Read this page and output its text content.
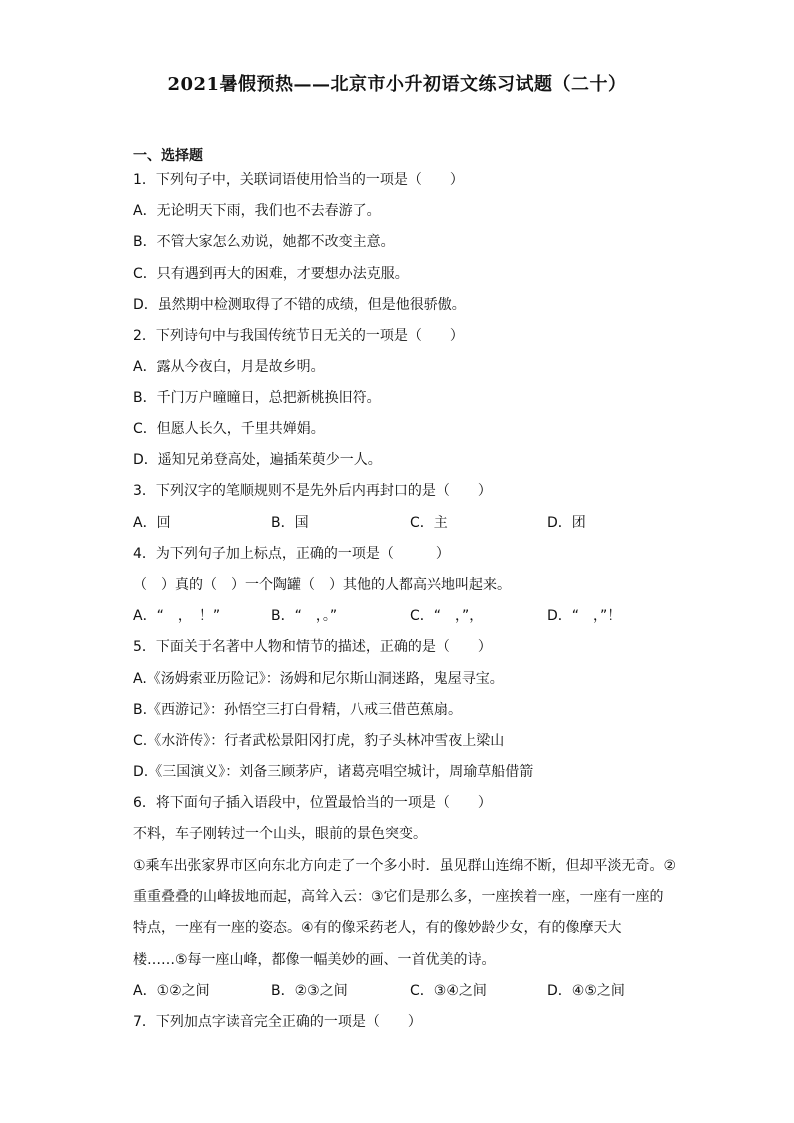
2021暑假预热——北京市小升初语文练习试题（二十）
一、选择题
1．下列句子中，关联词语使用恰当的一项是（　　）
A．无论明天下雨，我们也不去春游了。
B．不管大家怎么劝说，她都不改变主意。
C．只有遇到再大的困难，才要想办法克服。
D．虽然期中检测取得了不错的成绩，但是他很骄傲。
2．下列诗句中与我国传统节日无关的一项是（　　）
A．露从今夜白，月是故乡明。
B．千门万户曈曈日，总把新桃换旧符。
C．但愿人长久，千里共婵娟。
D．遥知兄弟登高处，遍插茱萸少一人。
3．下列汉字的笔顺规则不是先外后内再封口的是（　　）
A．回	B．国	C．主	D．团
4．为下列句子加上标点，正确的一项是（　　　）
（　）真的（　）一个陶罐（　）其他的人都高兴地叫起来。
A．“　，　！”	B．“　，。”	C．“　，”，	D．“　，”！
5．下面关于名著中人物和情节的描述，正确的是（　　）
A.《汤姆索亚历险记》：汤姆和尼尔斯山洞迷路，鬼屋寻宝。
B.《西游记》：孙悟空三打白骨精，八戒三借芭蕉扇。
C.《水浒传》：行者武松景阳冈打虎，豹子头林冲雪夜上梁山
D.《三国演义》：刘备三顾茅庐，诸葛亮唱空城计，周瑜草船借箭
6．将下面句子插入语段中，位置最恰当的一项是（　　）
不料，车子刚转过一个山头，眼前的景色突变。
①乘车出张家界市区向东北方向走了一个多小时．虽见群山连绵不断，但却平淡无奇。②
重重叠叠的山峰拔地而起，高耸入云：③它们是那么多，一座挨着一座，一座有一座的
特点，一座有一座的姿态。④有的像采药老人，有的像妙龄少女，有的像摩天大
楼……⑤每一座山峰，都像一幅美妙的画、一首优美的诗。
A．①②之间	B．②③之间	C．③④之间	D．④⑤之间
7．下列加点字读音完全正确的一项是（　　）
